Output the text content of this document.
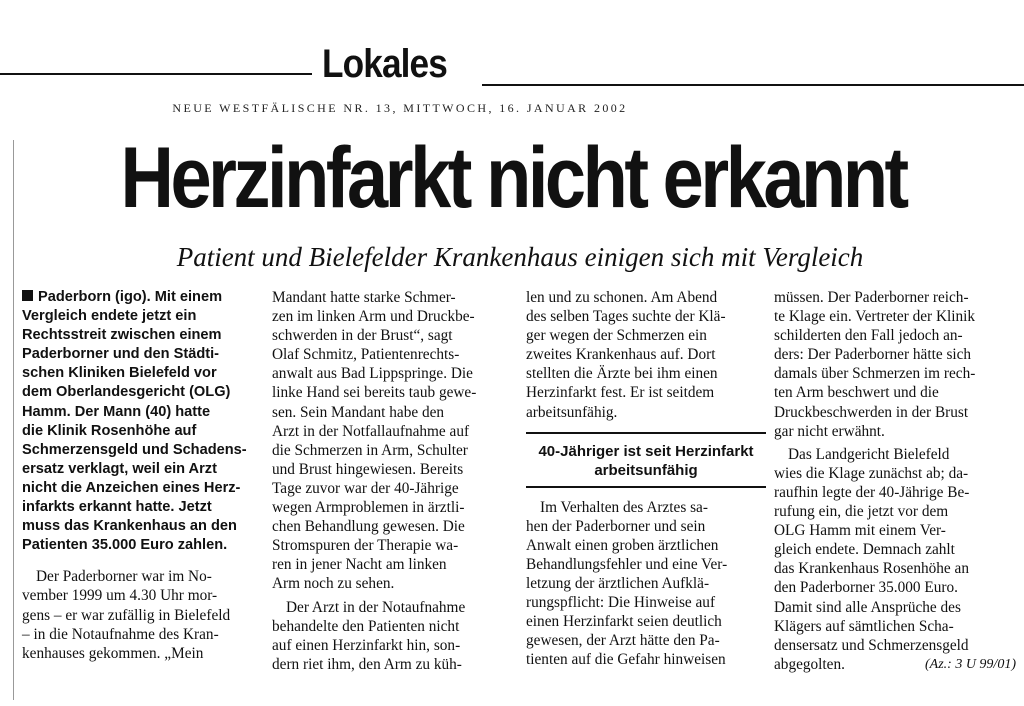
Lokales
NEUE WESTFÄLISCHE NR. 13, MITTWOCH, 16. JANUAR 2002
Herzinfarkt nicht erkannt
Patient und Bielefelder Krankenhaus einigen sich mit Vergleich
Paderborn (igo). Mit einem
Vergleich endete jetzt ein
Rechtsstreit zwischen einem
Paderborner und den Städti-
schen Kliniken Bielefeld vor
dem Oberlandesgericht (OLG)
Hamm. Der Mann (40) hatte
die Klinik Rosenhöhe auf
Schmerzensgeld und Schadens-
ersatz verklagt, weil ein Arzt
nicht die Anzeichen eines Herz-
infarkts erkannt hatte. Jetzt
muss das Krankenhaus an den
Patienten 35.000 Euro zahlen.
Der Paderborner war im No-
vember 1999 um 4.30 Uhr mor-
gens – er war zufällig in Bielefeld
– in die Notaufnahme des Kran-
kenhauses gekommen. „Mein
Mandant hatte starke Schmer-
zen im linken Arm und Druckbe-
schwerden in der Brust“, sagt
Olaf Schmitz, Patientenrechts-
anwalt aus Bad Lippspringe. Die
linke Hand sei bereits taub gewe-
sen. Sein Mandant habe den
Arzt in der Notfallaufnahme auf
die Schmerzen in Arm, Schulter
und Brust hingewiesen. Bereits
Tage zuvor war der 40-Jährige
wegen Armproblemen in ärztli-
chen Behandlung gewesen. Die
Stromspuren der Therapie wa-
ren in jener Nacht am linken
Arm noch zu sehen.
Der Arzt in der Notaufnahme
behandelte den Patienten nicht
auf einen Herzinfarkt hin, son-
dern riet ihm, den Arm zu küh-
len und zu schonen. Am Abend
des selben Tages suchte der Klä-
ger wegen der Schmerzen ein
zweites Krankenhaus auf. Dort
stellten die Ärzte bei ihm einen
Herzinfarkt fest. Er ist seitdem
arbeitsunfähig.
40-Jähriger ist seit Herzinfarkt
arbeitsunfähig
Im Verhalten des Arztes sa-
hen der Paderborner und sein
Anwalt einen groben ärztlichen
Behandlungsfehler und eine Ver-
letzung der ärztlichen Aufklä-
rungspflicht: Die Hinweise auf
einen Herzinfarkt seien deutlich
gewesen, der Arzt hätte den Pa-
tienten auf die Gefahr hinweisen
müssen. Der Paderborner reich-
te Klage ein. Vertreter der Klinik
schilderten den Fall jedoch an-
ders: Der Paderborner hätte sich
damals über Schmerzen im rech-
ten Arm beschwert und die
Druckbeschwerden in der Brust
gar nicht erwähnt.
Das Landgericht Bielefeld
wies die Klage zunächst ab; da-
raufhin legte der 40-Jährige Be-
rufung ein, die jetzt vor dem
OLG Hamm mit einem Ver-
gleich endete. Demnach zahlt
das Krankenhaus Rosenhöhe an
den Paderborner 35.000 Euro.
Damit sind alle Ansprüche des
Klägers auf sämtlichen Scha-
densersatz und Schmerzensgeld
abgegolten.	(Az.: 3 U 99/01)
